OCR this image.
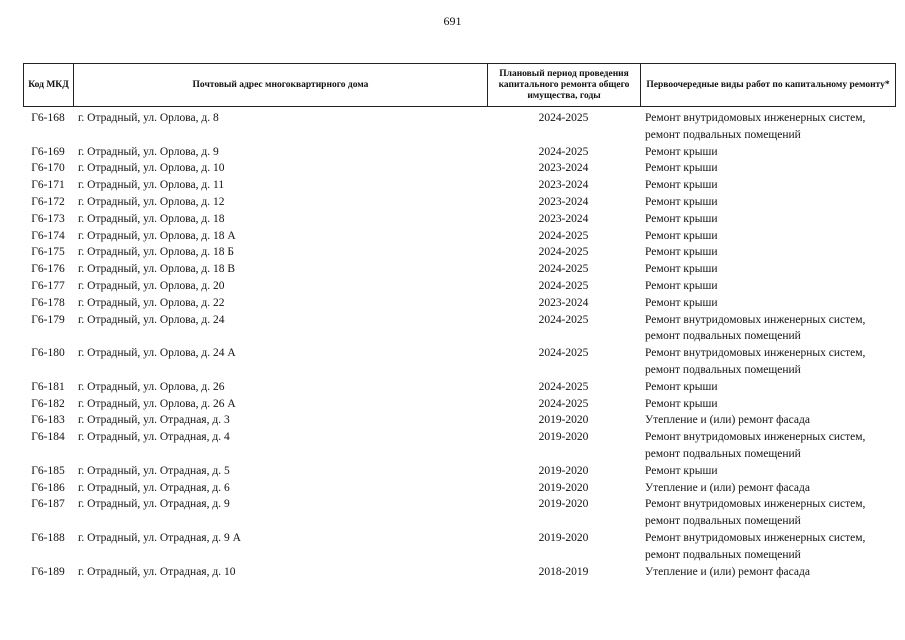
691
Код МКД	Почтовый адрес многоквартирного дома	Плановый период проведения капитального ремонта общего имущества, годы	Первоочередные виды работ по капитальному ремонту*
Г6-168	г. Отрадный, ул. Орлова, д. 8	2024-2025	Ремонт внутридомовых инженерных систем,
ремонт подвальных помещений
Г6-169	г. Отрадный, ул. Орлова, д. 9	2024-2025	Ремонт крыши
Г6-170	г. Отрадный, ул. Орлова, д. 10	2023-2024	Ремонт крыши
Г6-171	г. Отрадный, ул. Орлова, д. 11	2023-2024	Ремонт крыши
Г6-172	г. Отрадный, ул. Орлова, д. 12	2023-2024	Ремонт крыши
Г6-173	г. Отрадный, ул. Орлова, д. 18	2023-2024	Ремонт крыши
Г6-174	г. Отрадный, ул. Орлова, д. 18 А	2024-2025	Ремонт крыши
Г6-175	г. Отрадный, ул. Орлова, д. 18 Б	2024-2025	Ремонт крыши
Г6-176	г. Отрадный, ул. Орлова, д. 18 В	2024-2025	Ремонт крыши
Г6-177	г. Отрадный, ул. Орлова, д. 20	2024-2025	Ремонт крыши
Г6-178	г. Отрадный, ул. Орлова, д. 22	2023-2024	Ремонт крыши
Г6-179	г. Отрадный, ул. Орлова, д. 24	2024-2025	Ремонт внутридомовых инженерных систем,
ремонт подвальных помещений
Г6-180	г. Отрадный, ул. Орлова, д. 24 А	2024-2025	Ремонт внутридомовых инженерных систем,
ремонт подвальных помещений
Г6-181	г. Отрадный, ул. Орлова, д. 26	2024-2025	Ремонт крыши
Г6-182	г. Отрадный, ул. Орлова, д. 26 А	2024-2025	Ремонт крыши
Г6-183	г. Отрадный, ул. Отрадная, д. 3	2019-2020	Утепление и (или) ремонт фасада
Г6-184	г. Отрадный, ул. Отрадная, д. 4	2019-2020	Ремонт внутридомовых инженерных систем,
ремонт подвальных помещений
Г6-185	г. Отрадный, ул. Отрадная, д. 5	2019-2020	Ремонт крыши
Г6-186	г. Отрадный, ул. Отрадная, д. 6	2019-2020	Утепление и (или) ремонт фасада
Г6-187	г. Отрадный, ул. Отрадная, д. 9	2019-2020	Ремонт внутридомовых инженерных систем,
ремонт подвальных помещений
Г6-188	г. Отрадный, ул. Отрадная, д. 9 А	2019-2020	Ремонт внутридомовых инженерных систем,
ремонт подвальных помещений
Г6-189	г. Отрадный, ул. Отрадная, д. 10	2018-2019	Утепление и (или) ремонт фасада
